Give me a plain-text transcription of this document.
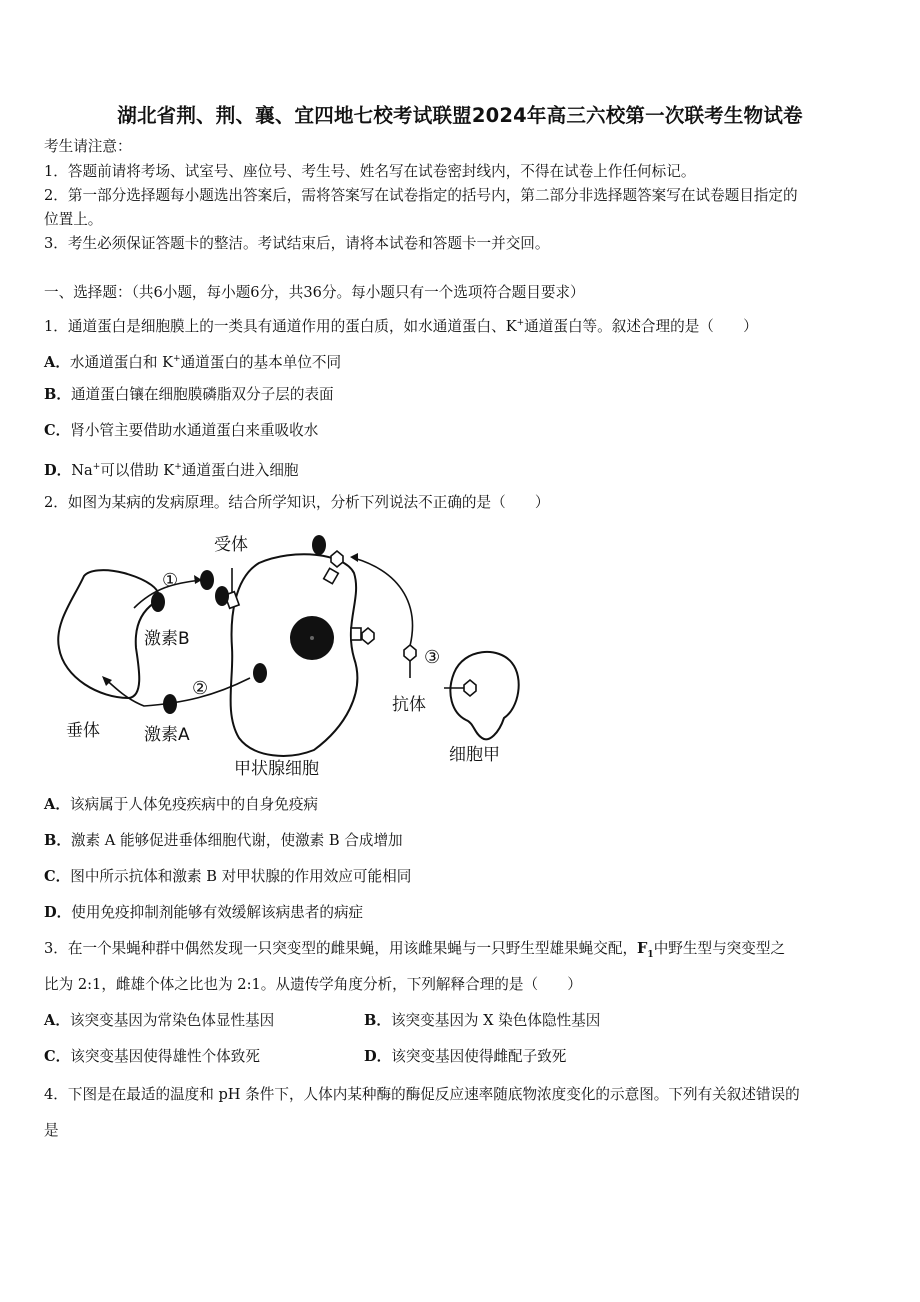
湖北省荆、荆、襄、宜四地七校考试联盟2024年高三六校第一次联考生物试卷
考生请注意：
1．答题前请将考场、试室号、座位号、考生号、姓名写在试卷密封线内，不得在试卷上作任何标记。
2．第一部分选择题每小题选出答案后，需将答案写在试卷指定的括号内，第二部分非选择题答案写在试卷题目指定的
位置上。
3．考生必须保证答题卡的整洁。考试结束后，请将本试卷和答题卡一并交回。
一、选择题：（共6小题，每小题6分，共36分。每小题只有一个选项符合题目要求）
1．通道蛋白是细胞膜上的一类具有通道作用的蛋白质，如水通道蛋白、K+通道蛋白等。叙述合理的是（　　）
A．水通道蛋白和 K+通道蛋白的基本单位不同
B．通道蛋白镶在细胞膜磷脂双分子层的表面
C．肾小管主要借助水通道蛋白来重吸收水
D．Na+可以借助 K+通道蛋白进入细胞
2．如图为某病的发病原理。结合所学知识，分析下列说法不正确的是（　　）
受体
①
激素B
②
③
垂体	激素A
抗体
甲状腺细胞
细胞甲
A．该病属于人体免疫疾病中的自身免疫病
B．激素 A 能够促进垂体细胞代谢，使激素 B 合成增加
C．图中所示抗体和激素 B 对甲状腺的作用效应可能相同
D．使用免疫抑制剂能够有效缓解该病患者的病症
3．在一个果蝇种群中偶然发现一只突变型的雌果蝇，用该雌果蝇与一只野生型雄果蝇交配，$F_1$中野生型与突变型之
比为 2:1，雌雄个体之比也为 2:1。从遗传学角度分析，下列解释合理的是（　　）
A．该突变基因为常染色体显性基因	B．该突变基因为 X 染色体隐性基因
C．该突变基因使得雄性个体致死	D．该突变基因使得雌配子致死
4．下图是在最适的温度和 pH 条件下，人体内某种酶的酶促反应速率随底物浓度变化的示意图。下列有关叙述错误的
是
